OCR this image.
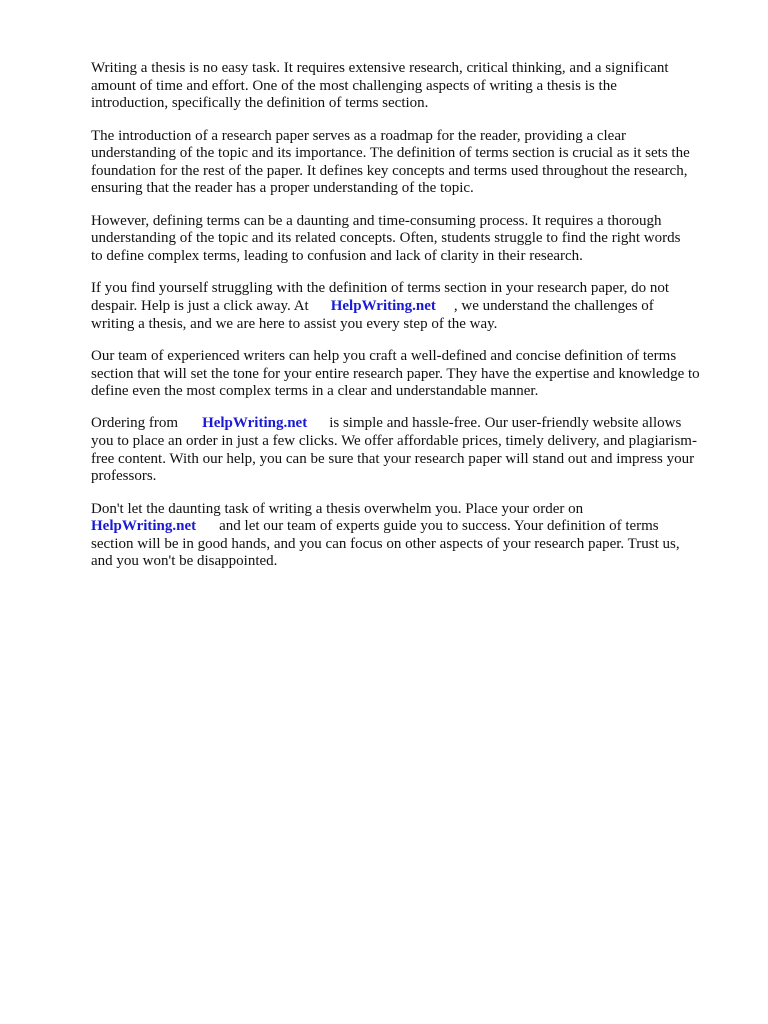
Writing a thesis is no easy task. It requires extensive research, critical thinking, and a significant
amount of time and effort. One of the most challenging aspects of writing a thesis is the
introduction, specifically the definition of terms section.

The introduction of a research paper serves as a roadmap for the reader, providing a clear
understanding of the topic and its importance. The definition of terms section is crucial as it sets the
foundation for the rest of the paper. It defines key concepts and terms used throughout the research,
ensuring that the reader has a proper understanding of the topic.

However, defining terms can be a daunting and time-consuming process. It requires a thorough
understanding of the topic and its related concepts. Often, students struggle to find the right words
to define complex terms, leading to confusion and lack of clarity in their research.

If you find yourself struggling with the definition of terms section in your research paper, do not
despair. Help is just a click away. At HelpWriting.net , we understand the challenges of
writing a thesis, and we are here to assist you every step of the way.

Our team of experienced writers can help you craft a well-defined and concise definition of terms
section that will set the tone for your entire research paper. They have the expertise and knowledge to
define even the most complex terms in a clear and understandable manner.

Ordering from HelpWriting.net is simple and hassle-free. Our user-friendly website allows
you to place an order in just a few clicks. We offer affordable prices, timely delivery, and plagiarism-
free content. With our help, you can be sure that your research paper will stand out and impress your
professors.

Don't let the daunting task of writing a thesis overwhelm you. Place your order on
HelpWriting.net and let our team of experts guide you to success. Your definition of terms
section will be in good hands, and you can focus on other aspects of your research paper. Trust us,
and you won't be disappointed.
